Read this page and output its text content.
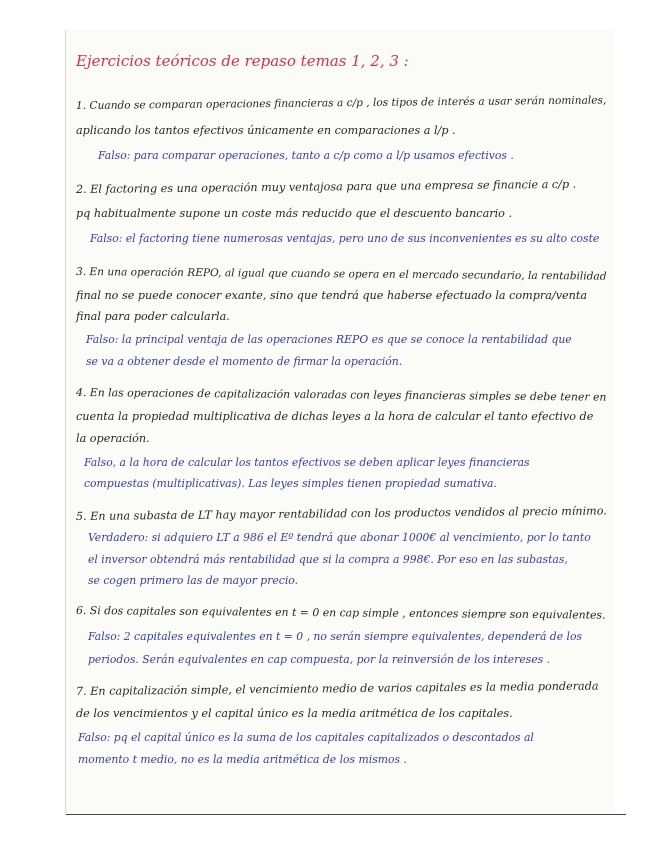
Ejercicios teóricos de repaso temas 1, 2, 3 :
1. Cuando se comparan operaciones financieras a c/p , los tipos de interés a usar serán nominales,
aplicando los tantos efectivos únicamente en comparaciones a l/p .
Falso: para comparar operaciones, tanto a c/p como a l/p usamos efectivos .
2. El factoring es una operación muy ventajosa para que una empresa se financie a c/p .
pq habitualmente supone un coste más reducido que el descuento bancario .
Falso: el factoring tiene numerosas ventajas, pero uno de sus inconvenientes es su alto coste
3. En una operación REPO, al igual que cuando se opera en el mercado secundario, la rentabilidad
final no se puede conocer exante, sino que tendrá que haberse efectuado la compra/venta
final para poder calcularla.
Falso: la principal ventaja de las operaciones REPO es que se conoce la rentabilidad que
se va a obtener desde el momento de firmar la operación.
4. En las operaciones de capitalización valoradas con leyes financieras simples se debe tener en
cuenta la propiedad multiplicativa de dichas leyes a la hora de calcular el tanto efectivo de
la operación.
Falso, a la hora de calcular los tantos efectivos se deben aplicar leyes financieras
compuestas (multiplicativas). Las leyes simples tienen propiedad sumativa.
5. En una subasta de LT hay mayor rentabilidad con los productos vendidos al precio mínimo.
Verdadero: si adquiero LT a 986 el Eº tendrá que abonar 1000€ al vencimiento, por lo tanto
el inversor obtendrá más rentabilidad que si la compra a 998€. Por eso en las subastas,
se cogen primero las de mayor precio.
6. Si dos capitales son equivalentes en t = 0 en cap simple , entonces siempre son equivalentes.
Falso: 2 capitales equivalentes en t = 0 , no serán siempre equivalentes, dependerá de los
periodos. Serán equivalentes en cap compuesta, por la reinversión de los intereses .
7. En capitalización simple, el vencimiento medio de varios capitales es la media ponderada
de los vencimientos y el capital único es la media aritmética de los capitales.
Falso: pq el capital único es la suma de los capitales capitalizados o descontados al
momento t medio, no es la media aritmética de los mismos .
